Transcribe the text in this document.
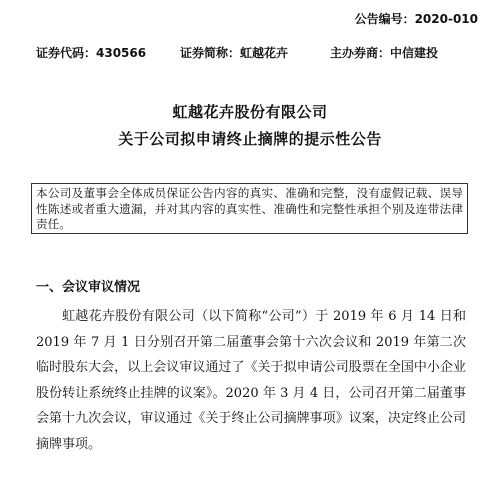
公告编号：2020-010
证券代码：430566	证券简称：虹越花卉	主办券商：中信建投
虹越花卉股份有限公司
关于公司拟申请终止摘牌的提示性公告
本公司及董事会全体成员保证公告内容的真实、准确和完整，没有虚假记载、误导性陈述或者重大遗漏，并对其内容的真实性、准确性和完整性承担个别及连带法律责任。
一、会议审议情况

虹越花卉股份有限公司（以下简称“公司”）于 2019 年 6 月 14 日和 2019 年 7 月 1 日分别召开第二届董事会第十六次会议和 2019 年第二次临时股东大会，以上会议审议通过了《关于拟申请公司股票在全国中小企业股份转让系统终止挂牌的议案》。2020 年 3 月 4 日，公司召开第二届董事会第十九次会议，审议通过《关于终止公司摘牌事项》议案，决定终止公司摘牌事项。
